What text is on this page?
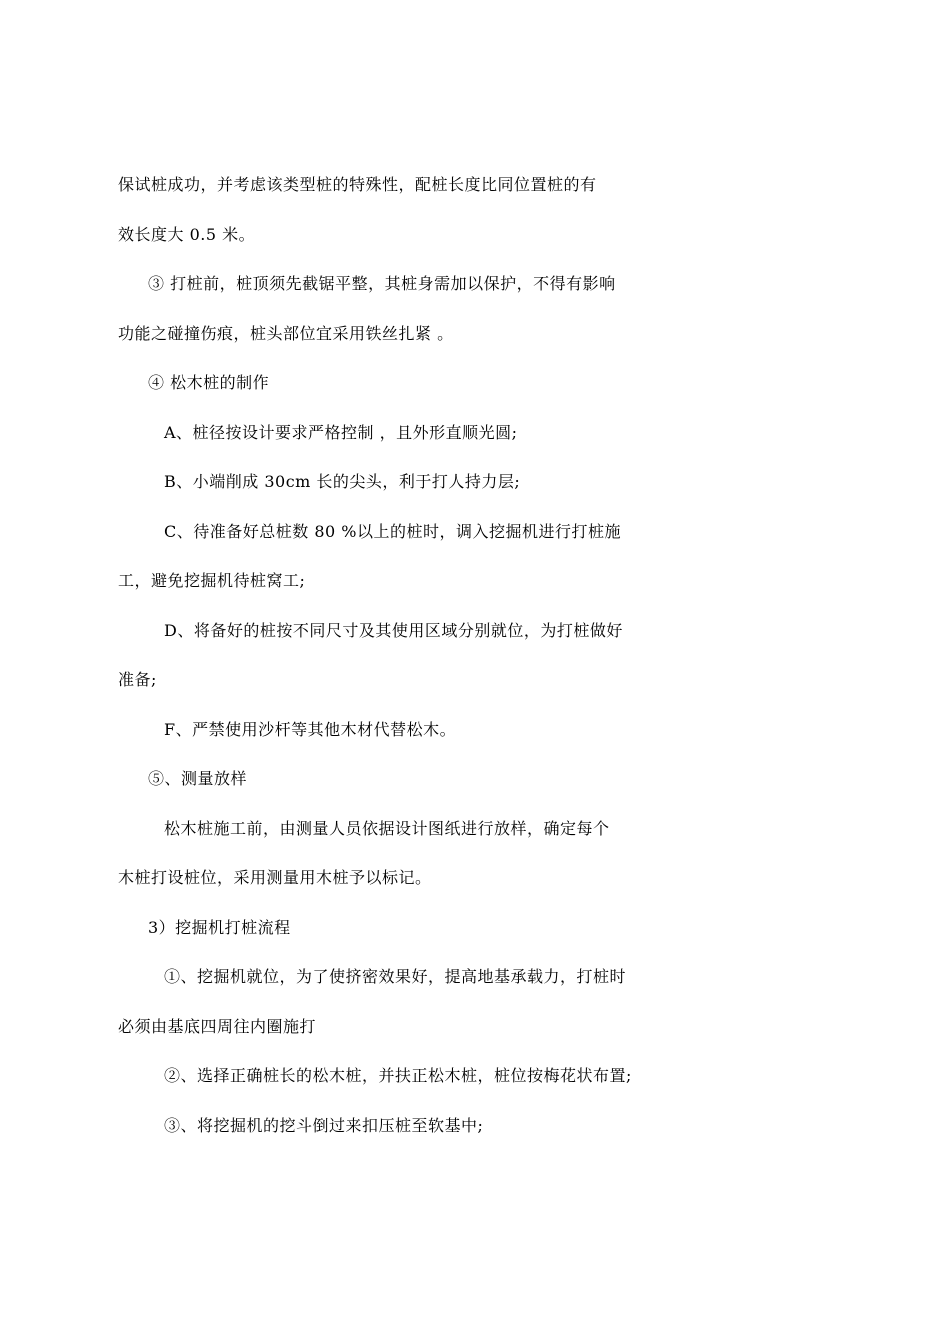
保试桩成功，并考虑该类型桩的特殊性，配桩长度比同位置桩的有
效长度大 0.5 米。
③ 打桩前，桩顶须先截锯平整，其桩身需加以保护，不得有影响
功能之碰撞伤痕，桩头部位宜采用铁丝扎紧 。
④ 松木桩的制作
A、桩径按设计要求严格控制 ，且外形直顺光圆;
B、小端削成 30cm 长的尖头，利于打人持力层;
C、待准备好总桩数 80 %以上的桩时，调入挖掘机进行打桩施
工，避免挖掘机待桩窝工;
D、将备好的桩按不同尺寸及其使用区域分别就位，为打桩做好
准备;
F、严禁使用沙杆等其他木材代替松木。
⑤、测量放样
松木桩施工前，由测量人员依据设计图纸进行放样，确定每个
木桩打设桩位，采用测量用木桩予以标记。
3）挖掘机打桩流程
①、挖掘机就位，为了使挤密效果好，提高地基承载力，打桩时
必须由基底四周往内圈施打
②、选择正确桩长的松木桩，并扶正松木桩，桩位按梅花状布置;
③、将挖掘机的挖斗倒过来扣压桩至软基中;
